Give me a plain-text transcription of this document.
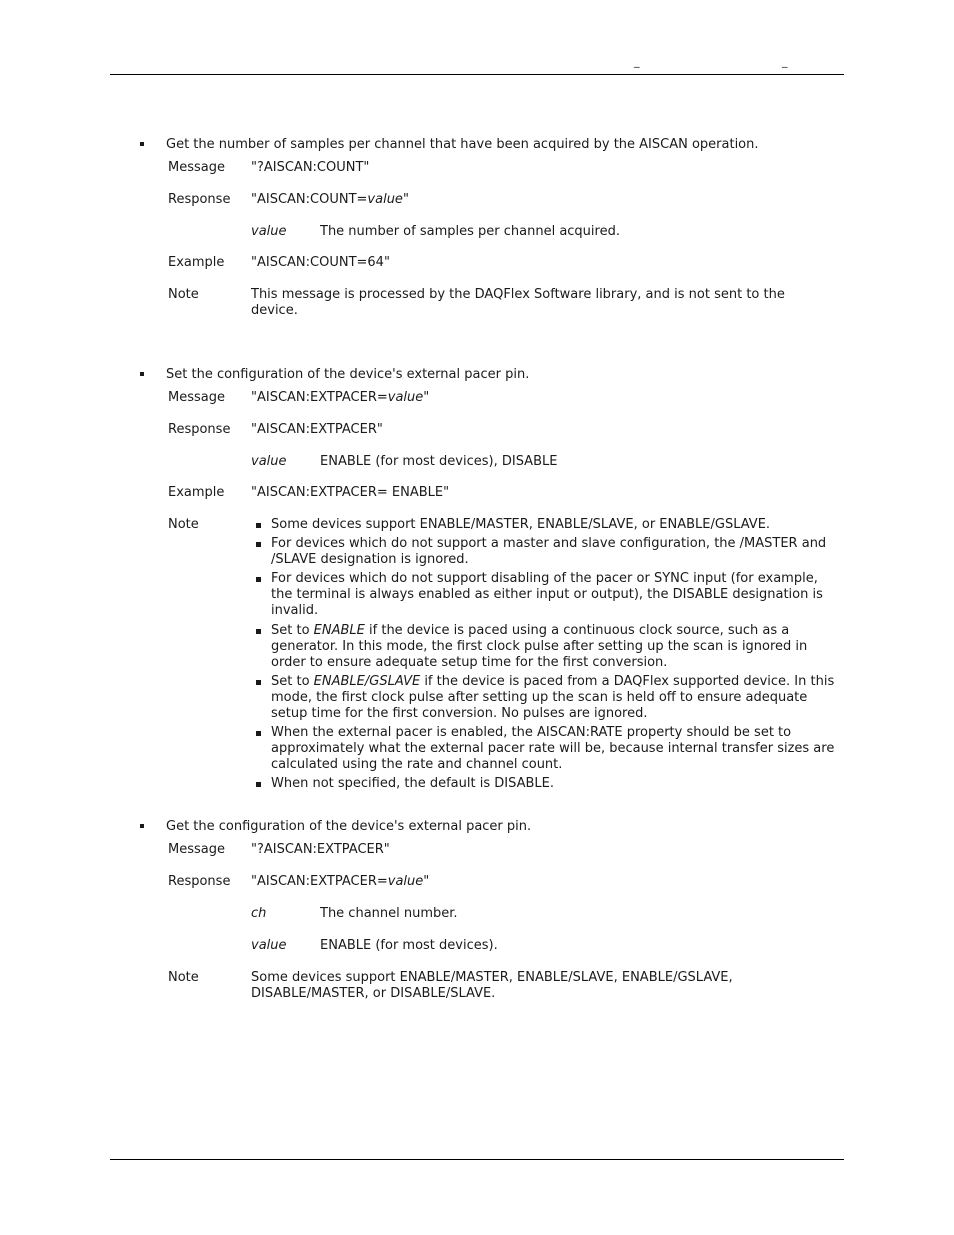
_	_
Get the number of samples per channel that have been acquired by the AISCAN operation.
Message "?AISCAN:COUNT"
Response "AISCAN:COUNT=value"
value	The number of samples per channel acquired.
Example "AISCAN:COUNT=64"
Note	This message is processed by the DAQFlex Software library, and is not sent to the device.
Set the configuration of the device's external pacer pin.
Message "AISCAN:EXTPACER=value"
Response "AISCAN:EXTPACER"
value	ENABLE (for most devices), DISABLE
Example "AISCAN:EXTPACER= ENABLE"
Note	Some devices support ENABLE/MASTER, ENABLE/SLAVE, or ENABLE/GSLAVE.
For devices which do not support a master and slave configuration, the /MASTER and /SLAVE designation is ignored.
For devices which do not support disabling of the pacer or SYNC input (for example, the terminal is always enabled as either input or output), the DISABLE designation is invalid.
Set to ENABLE if the device is paced using a continuous clock source, such as a generator. In this mode, the first clock pulse after setting up the scan is ignored in order to ensure adequate setup time for the first conversion.
Set to ENABLE/GSLAVE if the device is paced from a DAQFlex supported device. In this mode, the first clock pulse after setting up the scan is held off to ensure adequate setup time for the first conversion. No pulses are ignored.
When the external pacer is enabled, the AISCAN:RATE property should be set to approximately what the external pacer rate will be, because internal transfer sizes are calculated using the rate and channel count.
When not specified, the default is DISABLE.
Get the configuration of the device's external pacer pin.
Message "?AISCAN:EXTPACER"
Response "AISCAN:EXTPACER=value"
ch	The channel number.
value	ENABLE (for most devices).
Note	Some devices support ENABLE/MASTER, ENABLE/SLAVE, ENABLE/GSLAVE, DISABLE/MASTER, or DISABLE/SLAVE.
